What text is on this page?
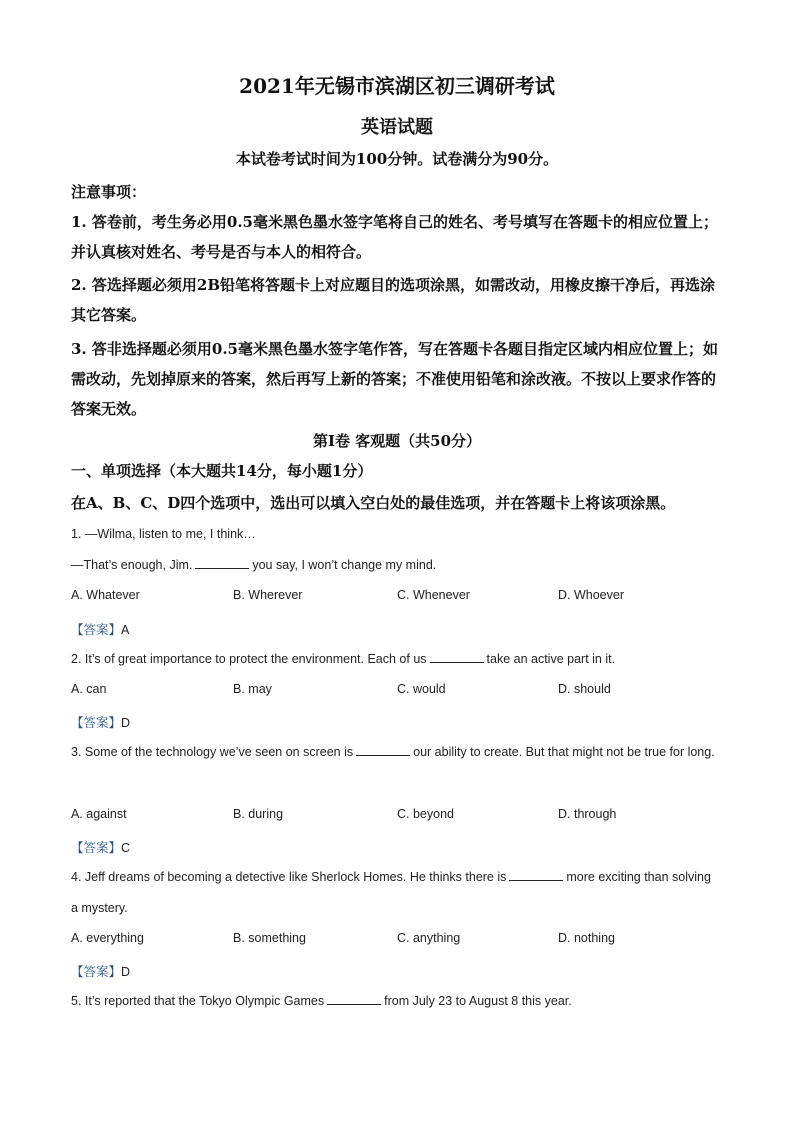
2021年无锡市滨湖区初三调研考试
英语试题
本试卷考试时间为100分钟。试卷满分为90分。
注意事项：
1. 答卷前，考生务必用0.5毫米黑色墨水签字笔将自己的姓名、考号填写在答题卡的相应位置上；并认真核对姓名、考号是否与本人的相符合。
2. 答选择题必须用2B铅笔将答题卡上对应题目的选项涂黑，如需改动，用橡皮擦干净后，再选涂其它答案。
3. 答非选择题必须用0.5毫米黑色墨水签字笔作答，写在答题卡各题目指定区域内相应位置上；如需改动，先划掉原来的答案，然后再写上新的答案；不准使用铅笔和涂改液。不按以上要求作答的答案无效。
第I卷 客观题（共50分）
一、单项选择（本大题共14分，每小题1分）
在A、B、C、D四个选项中，选出可以填入空白处的最佳选项，并在答题卡上将该项涂黑。
1. —Wilma, listen to me, I think…
—That’s enough, Jim.	you say, I won’t change my mind.
A. Whatever	B. Wherever	C. Whenever	D. Whoever
【答案】A
2. It’s of great importance to protect the environment. Each of us	take an active part in it.
A. can	B. may	C. would	D. should
【答案】D
3. Some of the technology we’ve seen on screen is	our ability to create. But that might not be true for long.
A. against	B. during	C. beyond	D. through
【答案】C
4. Jeff dreams of becoming a detective like Sherlock Homes. He thinks there is	more exciting than solving a mystery.
A. everything	B. something	C. anything	D. nothing
【答案】D
5. It’s reported that the Tokyo Olympic Games	from July 23 to August 8 this year.
